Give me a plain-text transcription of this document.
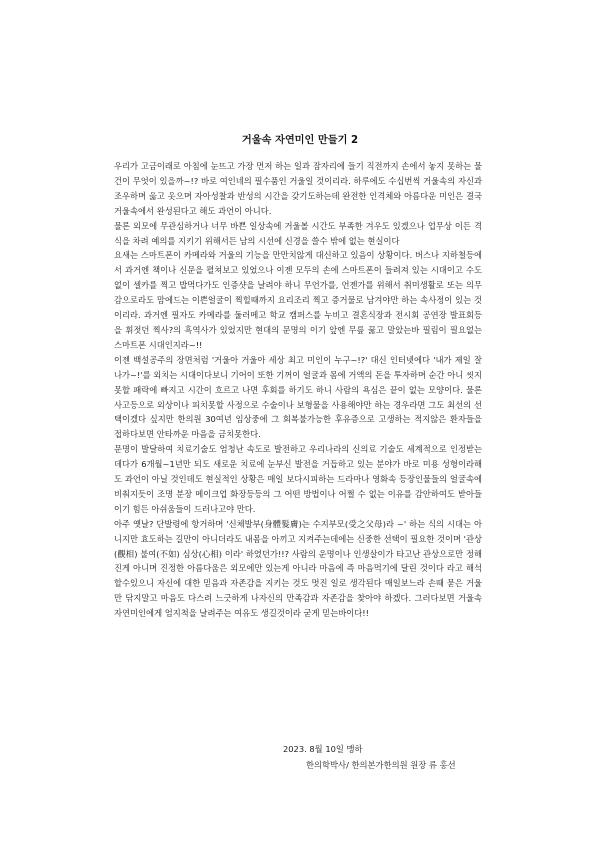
거울속 자연미인 만들기 2

우리가 고금이래로 아침에 눈뜨고 가장 먼저 하는 일과 잠자리에 들기 직전까지 손에서 놓지 못하는 물건이 무엇이 있을까~!? 바로 여인네의 필수품인 거울일 것이리라. 하루에도 수십번씩 거울속의 자신과 조우하며 옳고 옷으며 자아성찰과 반성의 시간을 갖기도하는데 완전한 인격체와 아름다운 미인은 결국 거울속에서 완성된다고 해도 과언이 아니다.

물론 외모에 무관심하거나 너무 바쁜 일상속에 거울볼 시간도 부족한 겨우도 있겠으나 업무상 이든 격식을 차려 예의를 지키기 위해서든 남의 시선에 신경을 쓸수 밖에 없는 현실이다

요새는 스마트폰이 카메라와 거울의 기능을 만만치않게 대신하고 있음이 상황이다. 버스나 지하철등에서 과거엔 책이나 신문을 펼쳐보고 있었으나 이젠 모두의 손에 스마트폰이 들려져 있는 시대이고 수도 없이 셀카를 찍고 밥먹다가도 인증샷을 날려야 하니 무언가를, 언젠가를 위해서 취미생활로 또는 의무감으로라도 맘에드는 이쁜얼굴이 찍힐때까지 요리조리 찍고 증거물로 남겨야만 하는 속사정이 있는 것이리라. 과거엔 필자도 카메라를 둘러메고 학교 캠퍼스를 누비고 결혼식장과 전시회 공연장 발표회등을 휘젓던 찍사?의 흑역사가 있었지만 현대의 문명의 이기 앞엔 무릎 꿇고 말았는바 필림이 필요없는 스마트폰 시대인지라~!!

이젠 백설공주의 장면처럼 '거울아 거울아 세상 최고 미인이 누구~!?' 대신 인터넷에다 '내가 제일 잘나가~!'를 외치는 시대이다보니 기어이 또한 기꺼이 얼굴과 몸에 거액의 돈을 투자하며 순간 아니 씻지못할 패락에 빠지고 시간이 흐르고 나면 후회를 하기도 하니 사람의 욕심은 끝이 없는 모양이다. 물론 사고등으로 외상이나 피치못할 사정으로 수술이나 보형물을 사용해야만 하는 경우라면 그도 최선의 선택이겠다 싶지만 한의원 30여년 임상중에 그 회복불가능한 후유증으로 고생하는 적지않은 환자들을 접하다보면 안타까운 마음을 금치못한다.

문명이 발달하여 치료기술도 엄청난 속도로 발전하고 우리나라의 신의료 기술도 세계적으로 인정받는데다가 6개월~1년만 되도 새로운 치료에 눈부신 발전을 거듭하고 있는 분야가 바로 미용 성형이라해도 과언이 아닐 것인데도 현실적인 상황은 매일 보다시피하는 드라마나 영화속 등장인물들의 얼굴속에 비춰지듯이 조명 분장 메이크업 화장등등의 그 어떤 방법이나 어쩔 수 없는 이유를 감안하여도 받아들이기 힘든 아쉬움들이 드러나고야 만다.

아주 옛날? 단발령에 항거하며 '신체발부(身體髮膚)는 수지부모(受之父母)라 ~' 하는 식의 시대는 아니지만 효도하는 길만이 아니더라도 내몸을 아끼고 지켜주는데에는 신중한 선택이 필요한 것이며 '관상(觀相) 불여(不如) 심상(心相) 이라' 하였던가!!? 사람의 운명이나 인생살이가 타고난 관상으로만 정해진게 아니며 진정한 아름다움은 외모에만 있는게 아니라 마음에 즉 마음먹기에 달린 것이다 라고 해석 할수있으니 자신에 대한 믿음과 자존감을 지키는 것도 멋진 일로 생각된다 매일보느라 손때 묻은 거울만 닦지말고 마음도 다스려 느긋하게 나자신의 만족감과 자존감을 찾아야 하겠다. 그러다보면 거울속 자연미인에게 엄지척을 날려주는 여유도 생길것이라 굳게 믿는바이다!!

2023. 8월 10일 맹하
한의학박사/ 한의본가한의원 원장 류 홍선
